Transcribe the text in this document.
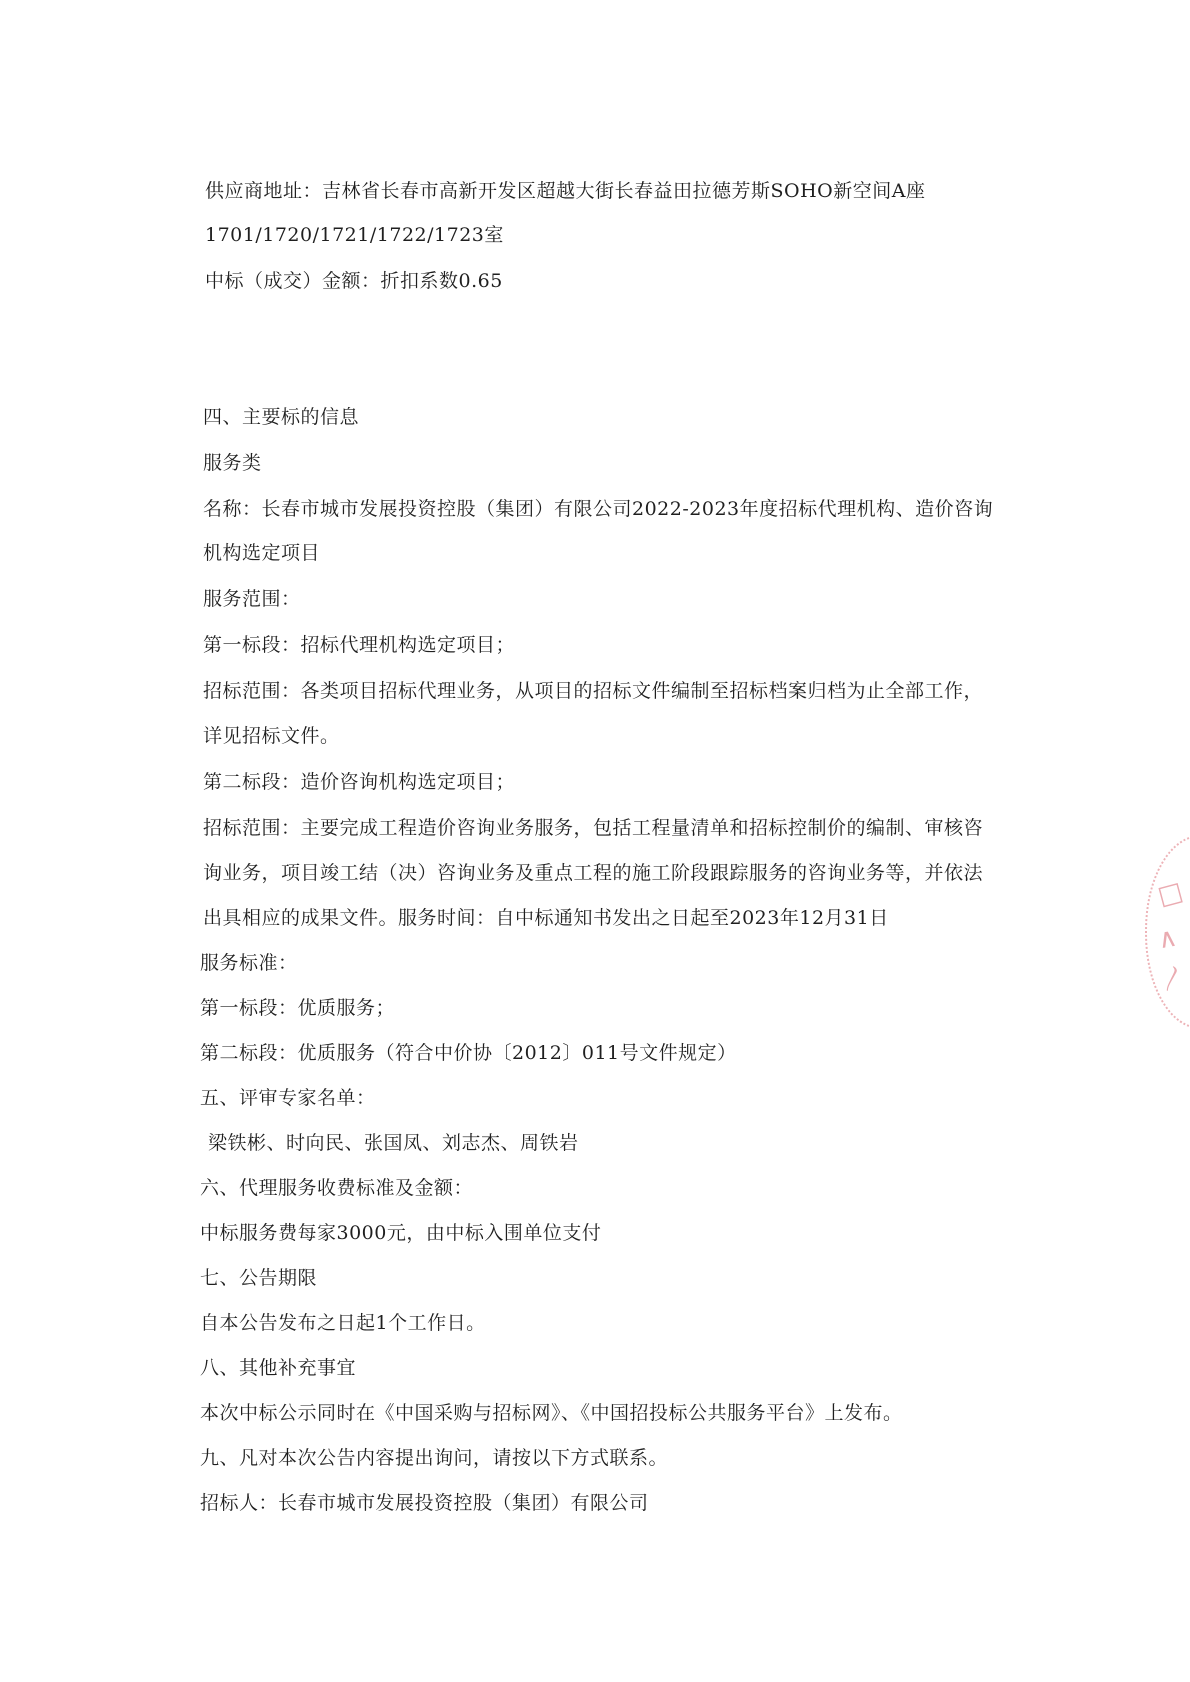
供应商地址：吉林省长春市高新开发区超越大街长春益田拉德芳斯SOHO新空间A座
1701/1720/1721/1722/1723室
中标（成交）金额：折扣系数0.65
四、主要标的信息
服务类
名称：长春市城市发展投资控股（集团）有限公司2022-2023年度招标代理机构、造价咨询
机构选定项目
服务范围：
第一标段：招标代理机构选定项目；
招标范围：各类项目招标代理业务，从项目的招标文件编制至招标档案归档为止全部工作，
详见招标文件。
第二标段：造价咨询机构选定项目；
招标范围：主要完成工程造价咨询业务服务，包括工程量清单和招标控制价的编制、审核咨
询业务，项目竣工结（决）咨询业务及重点工程的施工阶段跟踪服务的咨询业务等，并依法
出具相应的成果文件。服务时间：自中标通知书发出之日起至2023年12月31日
服务标准：
第一标段：优质服务；
第二标段：优质服务（符合中价协〔2012〕011号文件规定）
五、评审专家名单：
梁铁彬、时向民、张国凤、刘志杰、周铁岩
六、代理服务收费标准及金额：
中标服务费每家3000元，由中标入围单位支付
七、公告期限
自本公告发布之日起1个工作日。
八、其他补充事宜
本次中标公示同时在《中国采购与招标网》、《中国招投标公共服务平台》上发布。
九、凡对本次公告内容提出询问，请按以下方式联系。
招标人：长春市城市发展投资控股（集团）有限公司
□
∧
〳
